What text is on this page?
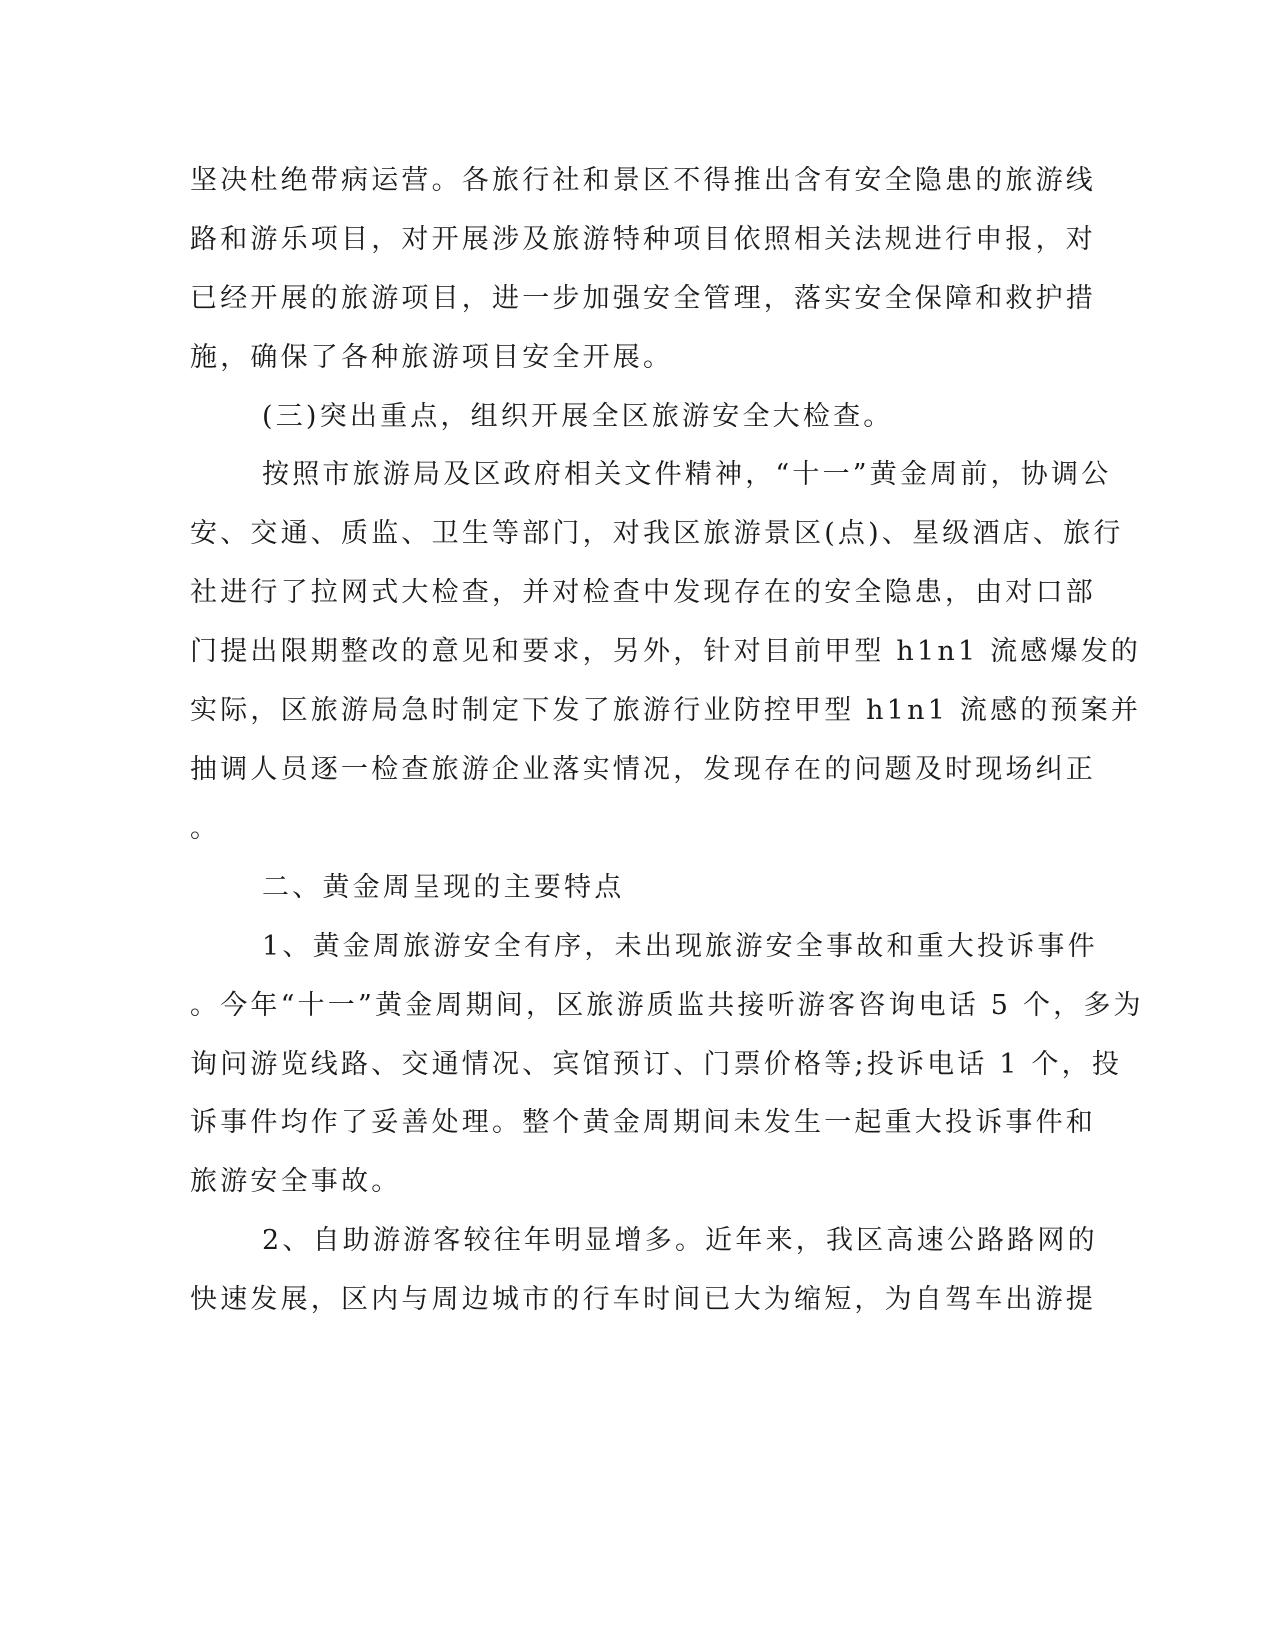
坚决杜绝带病运营。各旅行社和景区不得推出含有安全隐患的旅游线
路和游乐项目，对开展涉及旅游特种项目依照相关法规进行申报，对
已经开展的旅游项目，进一步加强安全管理，落实安全保障和救护措
施，确保了各种旅游项目安全开展。
(三)突出重点，组织开展全区旅游安全大检查。
按照市旅游局及区政府相关文件精神，“十一”黄金周前，协调公
安、交通、质监、卫生等部门，对我区旅游景区(点)、星级酒店、旅行
社进行了拉网式大检查，并对检查中发现存在的安全隐患，由对口部
门提出限期整改的意见和要求，另外，针对目前甲型 h1n1 流感爆发的
实际，区旅游局急时制定下发了旅游行业防控甲型 h1n1 流感的预案并
抽调人员逐一检查旅游企业落实情况，发现存在的问题及时现场纠正
。
二、黄金周呈现的主要特点
1、黄金周旅游安全有序，未出现旅游安全事故和重大投诉事件
。今年“十一”黄金周期间，区旅游质监共接听游客咨询电话 5 个，多为
询问游览线路、交通情况、宾馆预订、门票价格等;投诉电话 1 个，投
诉事件均作了妥善处理。整个黄金周期间未发生一起重大投诉事件和
旅游安全事故。
2、自助游游客较往年明显增多。近年来，我区高速公路路网的
快速发展，区内与周边城市的行车时间已大为缩短，为自驾车出游提
